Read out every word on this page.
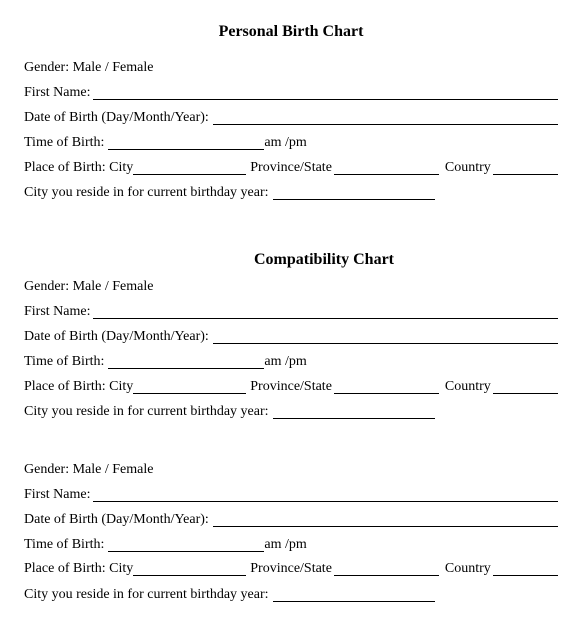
Personal Birth Chart
Gender: Male / Female
First Name:
Date of Birth (Day/Month/Year):
Time of Birth:	am /pm
Place of Birth: City	Province/State	Country
City you reside in for current birthday year:
Compatibility Chart
Gender: Male / Female
First Name:
Date of Birth (Day/Month/Year):
Time of Birth:	am /pm
Place of Birth: City	Province/State	Country
City you reside in for current birthday year:
Gender: Male / Female
First Name:
Date of Birth (Day/Month/Year):
Time of Birth:	am /pm
Place of Birth: City	Province/State	Country
City you reside in for current birthday year:
